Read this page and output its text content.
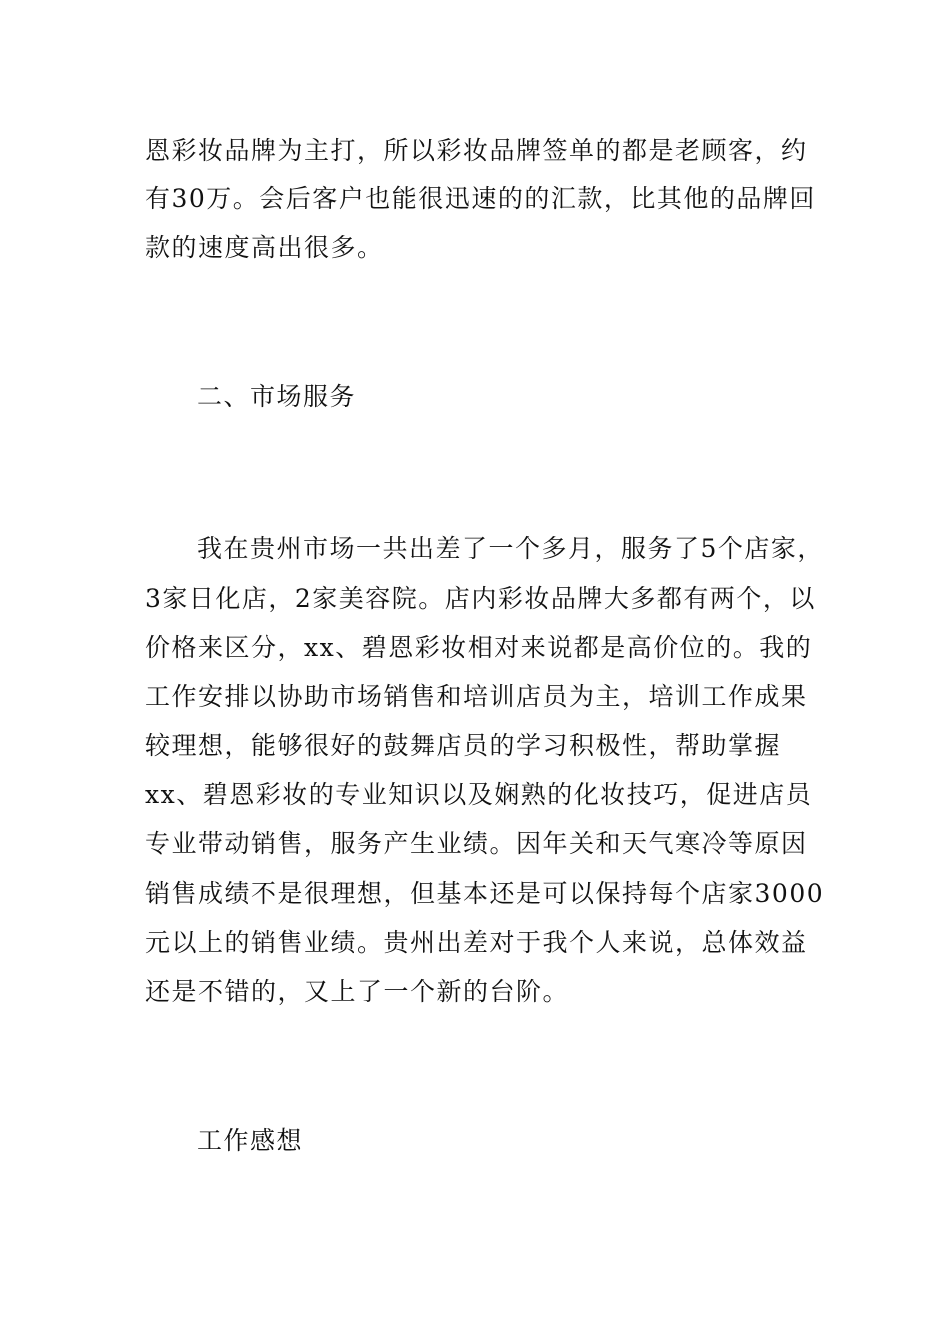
恩彩妆品牌为主打，所以彩妆品牌签单的都是老顾客，约
有30万。会后客户也能很迅速的的汇款，比其他的品牌回
款的速度高出很多。
二、市场服务
我在贵州市场一共出差了一个多月，服务了5个店家，
3家日化店，2家美容院。店内彩妆品牌大多都有两个，以
价格来区分，xx、碧恩彩妆相对来说都是高价位的。我的
工作安排以协助市场销售和培训店员为主，培训工作成果
较理想，能够很好的鼓舞店员的学习积极性，帮助掌握
xx、碧恩彩妆的专业知识以及娴熟的化妆技巧，促进店员
专业带动销售，服务产生业绩。因年关和天气寒冷等原因
销售成绩不是很理想，但基本还是可以保持每个店家3000
元以上的销售业绩。贵州出差对于我个人来说，总体效益
还是不错的，又上了一个新的台阶。
工作感想
